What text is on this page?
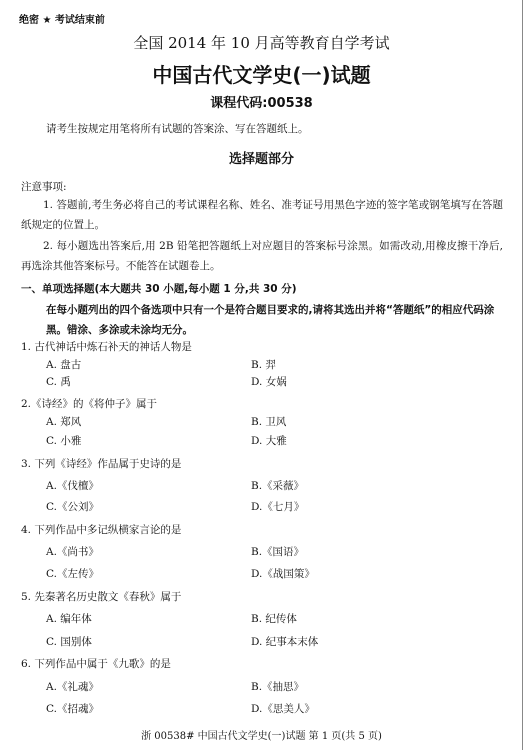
绝密 ★ 考试结束前
全国 2014 年 10 月高等教育自学考试
中国古代文学史(一)试题
课程代码:00538
请考生按规定用笔将所有试题的答案涂、写在答题纸上。
选择题部分
注意事项:
1. 答题前,考生务必将自己的考试课程名称、姓名、准考证号用黑色字迹的签字笔或钢笔填写在答题纸规定的位置上。
2. 每小题选出答案后,用 2B 铅笔把答题纸上对应题目的答案标号涂黑。如需改动,用橡皮擦干净后,再选涂其他答案标号。不能答在试题卷上。
一、单项选择题(本大题共 30 小题,每小题 1 分,共 30 分)
在每小题列出的四个备选项中只有一个是符合题目要求的,请将其选出并将“答题纸”的相应代码涂黑。错涂、多涂或未涂均无分。
1. 古代神话中炼石补天的神话人物是
A. 盘古	B. 羿
C. 禹	D. 女娲
2.《诗经》的《将仲子》属于
A. 郑风	B. 卫风
C. 小雅	D. 大雅
3. 下列《诗经》作品属于史诗的是
A.《伐檀》	B.《采薇》
C.《公刘》	D.《七月》
4. 下列作品中多记纵横家言论的是
A.《尚书》	B.《国语》
C.《左传》	D.《战国策》
5. 先秦著名历史散文《春秋》属于
A. 编年体	B. 纪传体
C. 国别体	D. 纪事本末体
6. 下列作品中属于《九歌》的是
A.《礼魂》	B.《抽思》
C.《招魂》	D.《思美人》
浙 00538# 中国古代文学史(一)试题 第 1 页(共 5 页)
